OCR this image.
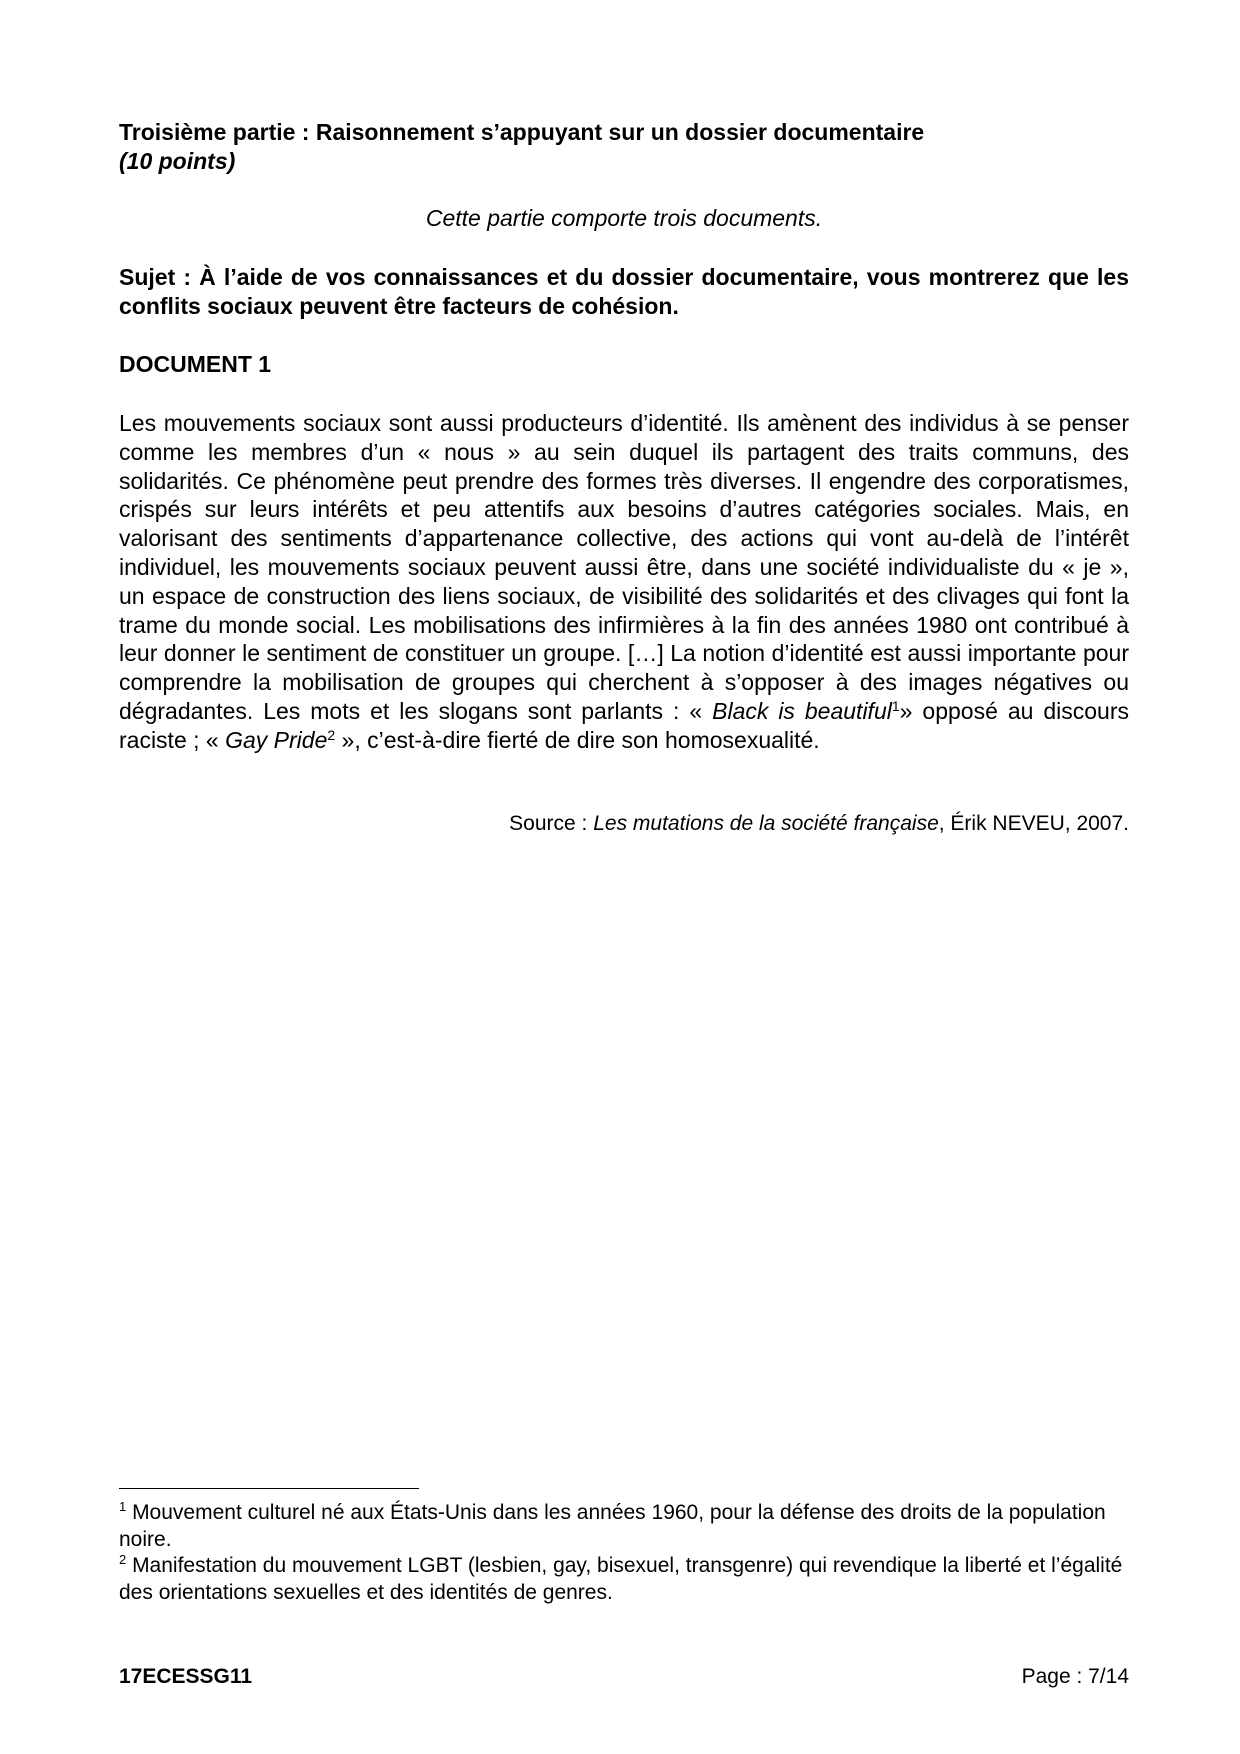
Troisième partie : Raisonnement s’appuyant sur un dossier documentaire
(10 points)
Cette partie comporte trois documents.
Sujet : À l’aide de vos connaissances et du dossier documentaire, vous montrerez que les conflits sociaux peuvent être facteurs de cohésion.
DOCUMENT 1
Les mouvements sociaux sont aussi producteurs d’identité. Ils amènent des individus à se penser comme les membres d’un « nous » au sein duquel ils partagent des traits communs, des solidarités. Ce phénomène peut prendre des formes très diverses. Il engendre des corporatismes, crispés sur leurs intérêts et peu attentifs aux besoins d’autres catégories sociales. Mais, en valorisant des sentiments d’appartenance collective, des actions qui vont au-delà de l’intérêt individuel, les mouvements sociaux peuvent aussi être, dans une société individualiste du « je », un espace de construction des liens sociaux, de visibilité des solidarités et des clivages qui font la trame du monde social. Les mobilisations des infirmières à la fin des années 1980 ont contribué à leur donner le sentiment de constituer un groupe. […] La notion d’identité est aussi importante pour comprendre la mobilisation de groupes qui cherchent à s’opposer à des images négatives ou dégradantes. Les mots et les slogans sont parlants : « Black is beautiful$^1$» opposé au discours raciste ; « Gay Pride$^2$ », c’est-à-dire fierté de dire son homosexualité.
Source : Les mutations de la société française, Érik NEVEU, 2007.
$^1$ Mouvement culturel né aux États-Unis dans les années 1960, pour la défense des droits de la population noire.
$^2$ Manifestation du mouvement LGBT (lesbien, gay, bisexuel, transgenre) qui revendique la liberté et l’égalité des orientations sexuelles et des identités de genres.
17ECESSG11	Page : 7/14
